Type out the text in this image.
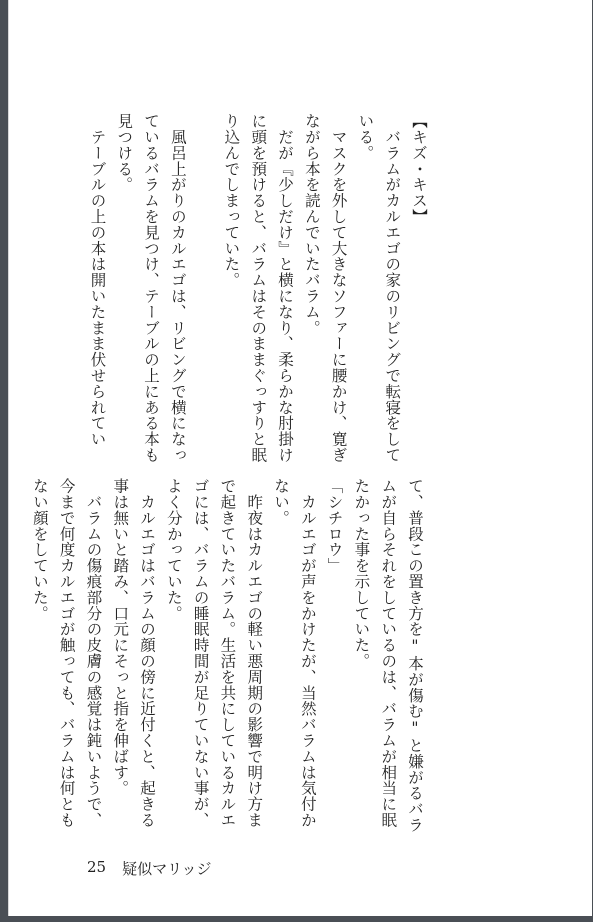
【キズ・キス】
　バラムがカルエゴの家のリビングで転寝をしている。
　マスクを外して大きなソファーに腰かけ、寛ぎながら本を読んでいたバラム。
　だが『少しだけ』と横になり、柔らかな肘掛けに頭を預けると、バラムはそのままぐっすりと眠り込んでしまっていた。

　風呂上がりのカルエゴは、リビングで横になっているバラムを見つけ、テーブルの上にある本も見つける。
　テーブルの上の本は開いたまま伏せられてい
て、普段この置き方を"本が傷む"と嫌がるバラムが自らそれをしているのは、バラムが相当に眠たかった事を示していた。
「シチロウ」
　カルエゴが声をかけたが、当然バラムは気付かない。
　昨夜はカルエゴの軽い悪周期の影響で明け方まで起きていたバラム。生活を共にしているカルエゴには、バラムの睡眠時間が足りていない事が、よく分かっていた。
　カルエゴはバラムの顔の傍に近付くと、起きる事は無いと踏み、口元にそっと指を伸ばす。
　バラムの傷痕部分の皮膚の感覚は鈍いようで、今まで何度カルエゴが触っても、バラムは何ともない顔をしていた。
25 疑似マリッジ
